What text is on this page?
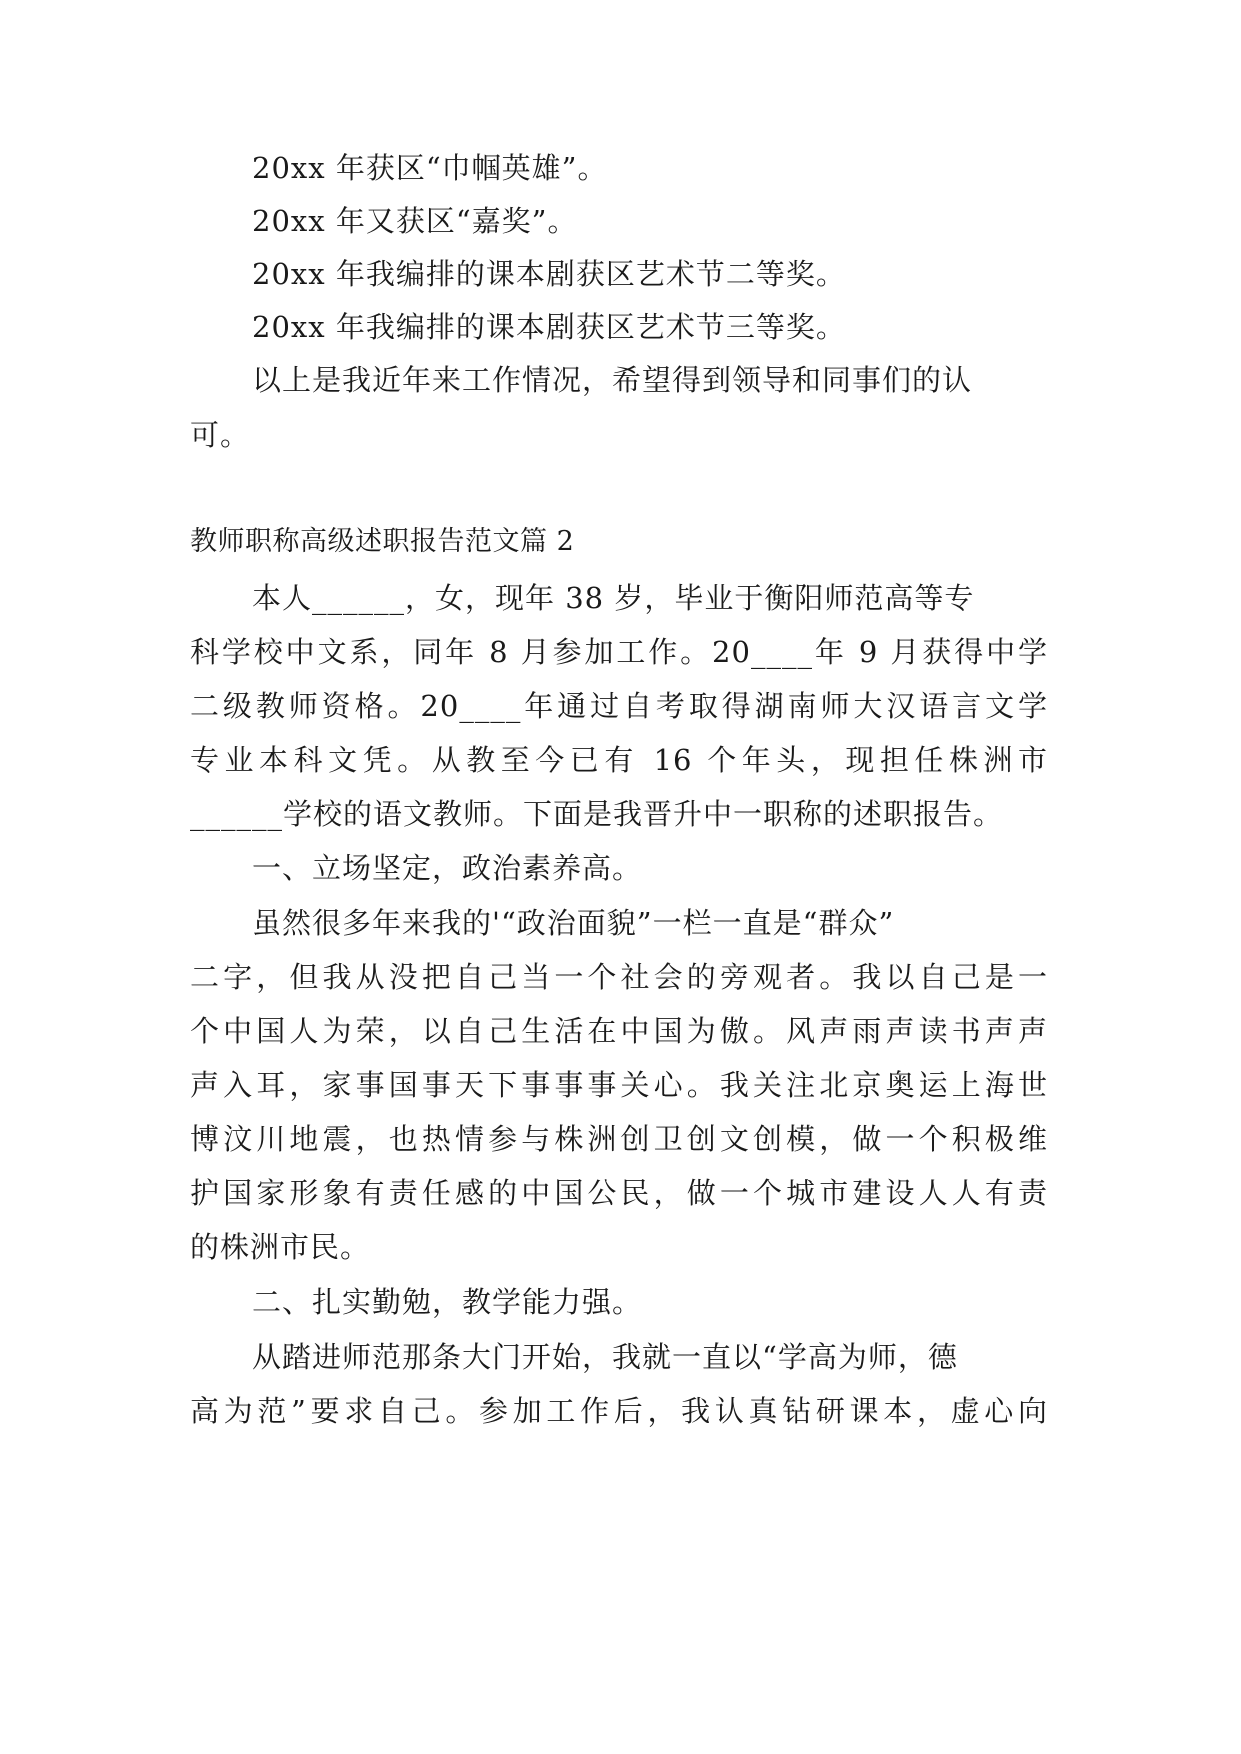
20xx 年获区“巾帼英雄”。
20xx 年又获区“嘉奖”。
20xx 年我编排的课本剧获区艺术节二等奖。
20xx 年我编排的课本剧获区艺术节三等奖。
以上是我近年来工作情况，希望得到领导和同事们的认
可。
教师职称高级述职报告范文篇 2
本人______，女，现年 38 岁，毕业于衡阳师范高等专
科学校中文系，同年 8 月参加工作。20____年 9 月获得中学
二级教师资格。20____年通过自考取得湖南师大汉语言文学
专业本科文凭。从教至今已有 16 个年头，现担任株洲市
______学校的语文教师。下面是我晋升中一职称的述职报告。
一、立场坚定，政治素养高。
虽然很多年来我的'“政治面貌”一栏一直是“群众”
二字，但我从没把自己当一个社会的旁观者。我以自己是一
个中国人为荣，以自己生活在中国为傲。风声雨声读书声声
声入耳，家事国事天下事事事关心。我关注北京奥运上海世
博汶川地震，也热情参与株洲创卫创文创模，做一个积极维
护国家形象有责任感的中国公民，做一个城市建设人人有责
的株洲市民。
二、扎实勤勉，教学能力强。
从踏进师范那条大门开始，我就一直以“学高为师，德
高为范”要求自己。参加工作后，我认真钻研课本，虚心向
